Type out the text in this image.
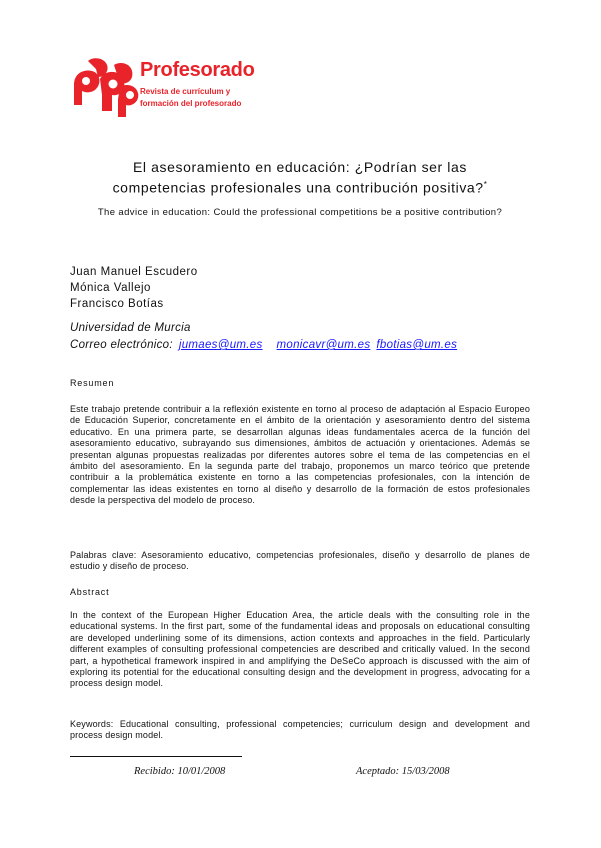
Profesorado
Revista de currículum y
formación del profesorado
El asesoramiento en educación: ¿Podrían ser las competencias profesionales una contribución positiva?*
The advice in education: Could the professional competitions be a positive contribution?
Juan Manuel Escudero
Mónica Vallejo
Francisco Botías
Universidad de Murcia
Correo electrónico: jumaes@um.es monicavr@um.es fbotias@um.es
Resumen
Este trabajo pretende contribuir a la reflexión existente en torno al proceso de adaptación al Espacio Europeo de Educación Superior, concretamente en el ámbito de la orientación y asesoramiento dentro del sistema educativo. En una primera parte, se desarrollan algunas ideas fundamentales acerca de la función del asesoramiento educativo, subrayando sus dimensiones, ámbitos de actuación y orientaciones. Además se presentan algunas propuestas realizadas por diferentes autores sobre el tema de las competencias en el ámbito del asesoramiento. En la segunda parte del trabajo, proponemos un marco teórico que pretende contribuir a la problemática existente en torno a las competencias profesionales, con la intención de complementar las ideas existentes en torno al diseño y desarrollo de la formación de estos profesionales desde la perspectiva del modelo de proceso.
Palabras clave: Asesoramiento educativo, competencias profesionales, diseño y desarrollo de planes de estudio y diseño de proceso.
Abstract
In the context of the European Higher Education Area, the article deals with the consulting role in the educational systems. In the first part, some of the fundamental ideas and proposals on educational consulting are developed underlining some of its dimensions, action contexts and approaches in the field. Particularly different examples of consulting professional competencies are described and critically valued. In the second part, a hypothetical framework inspired in and amplifying the DeSeCo approach is discussed with the aim of exploring its potential for the educational consulting design and the development in progress, advocating for a process design model.
Keywords: Educational consulting, professional competencies; curriculum design and development and process design model.
Recibido: 10/01/2008	Aceptado: 15/03/2008
